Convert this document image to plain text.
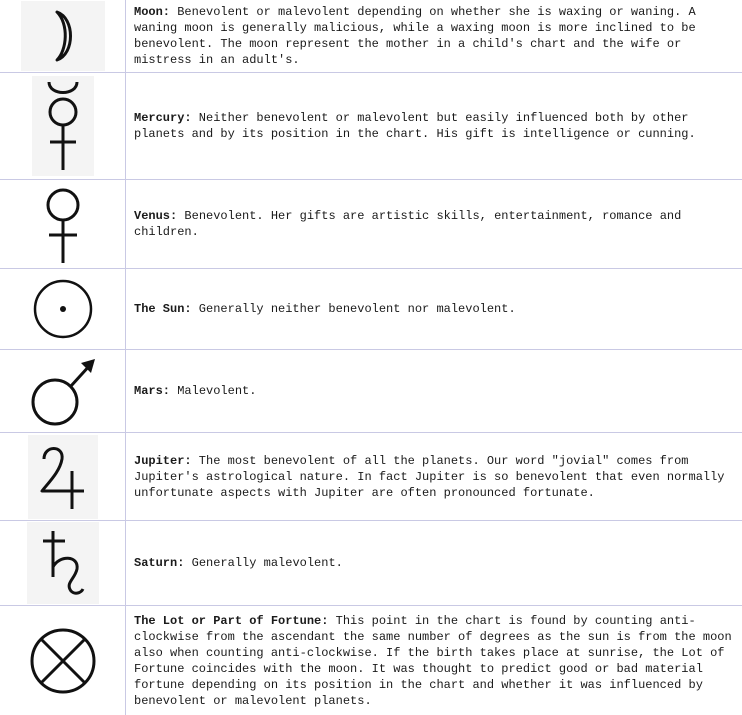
Moon: Benevolent or malevolent depending on whether she is waxing or waning. A waning moon is generally malicious, while a waxing moon is more inclined to be benevolent. The moon represent the mother in a child's chart and the wife or mistress in an adult's.

Mercury: Neither benevolent or malevolent but easily influenced both by other planets and by its position in the chart. His gift is intelligence or cunning.

Venus: Benevolent. Her gifts are artistic skills, entertainment, romance and children.

The Sun: Generally neither benevolent nor malevolent.

Mars: Malevolent.

Jupiter: The most benevolent of all the planets. Our word "jovial" comes from Jupiter's astrological nature. In fact Jupiter is so benevolent that even normally unfortunate aspects with Jupiter are often pronounced fortunate.

Saturn: Generally malevolent.

The Lot or Part of Fortune: This point in the chart is found by counting anti-clockwise from the ascendant the same number of degrees as the sun is from the moon also when counting anti-clockwise. If the birth takes place at sunrise, the Lot of Fortune coincides with the moon. It was thought to predict good or bad material fortune depending on its position in the chart and whether it was influenced by benevolent or malevolent planets.
